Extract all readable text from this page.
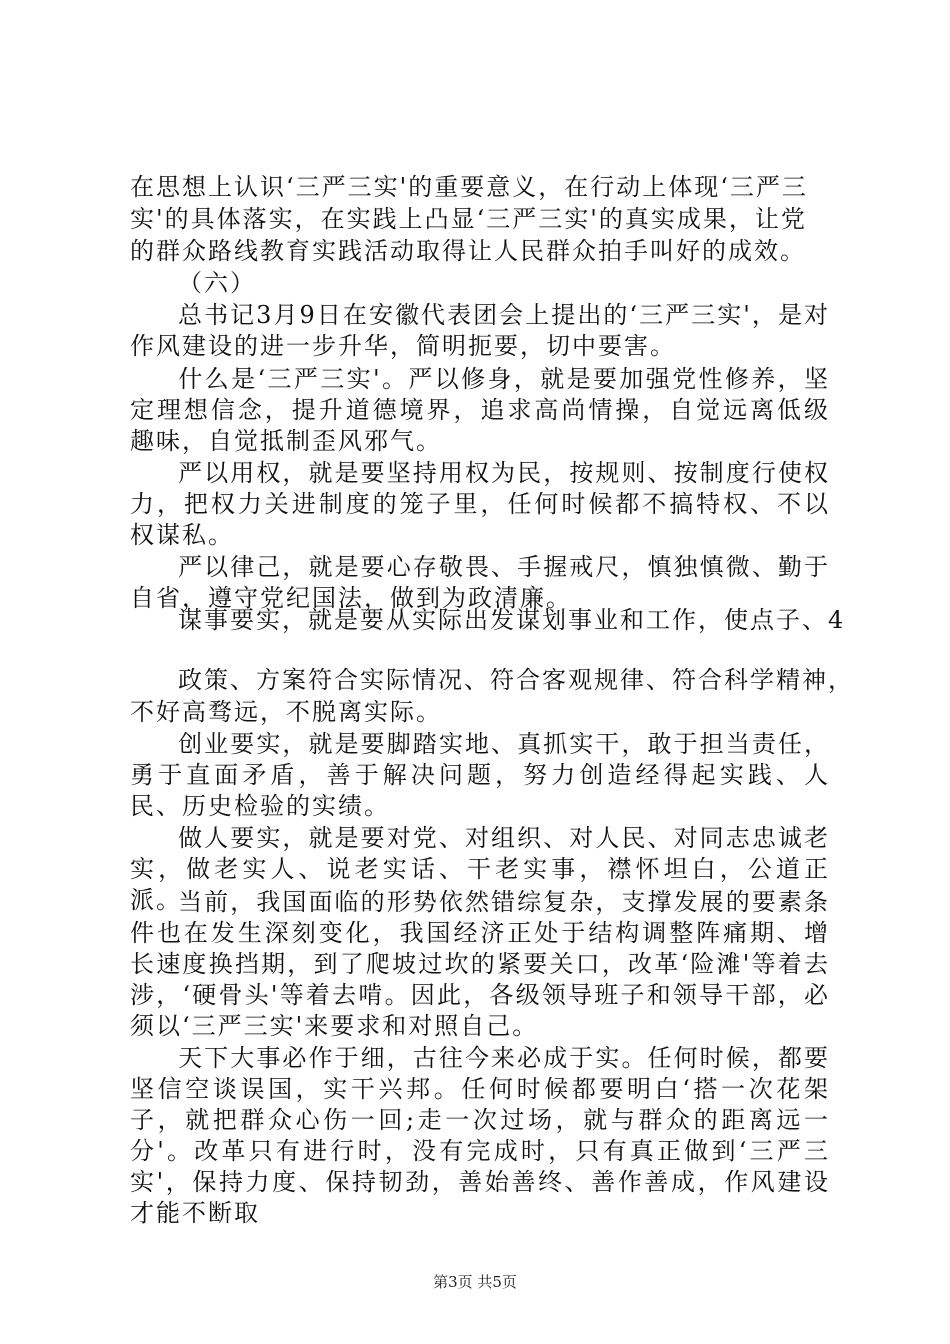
在思想上认识‘三严三实'的重要意义，在行动上体现‘三严三
实'的具体落实，在实践上凸显‘三严三实'的真实成果，让党
的群众路线教育实践活动取得让人民群众拍手叫好的成效。
（六）

总书记3月9日在安徽代表团会上提出的‘三严三实'，是对作风建设的进一步升华，简明扼要，切中要害。

什么是‘三严三实'。严以修身，就是要加强党性修养，坚定理想信念，提升道德境界，追求高尚情操，自觉远离低级趣味，自觉抵制歪风邪气。

严以用权，就是要坚持用权为民，按规则、按制度行使权力，把权力关进制度的笼子里，任何时候都不搞特权、不以权谋私。

严以律己，就是要心存敬畏、手握戒尺，慎独慎微、勤于自省，遵守党纪国法，做到为政清廉。

谋事要实，就是要从实际出发谋划事业和工作，使点子、4
政策、方案符合实际情况、符合客观规律、符合科学精神，
不好高骛远，不脱离实际。

创业要实，就是要脚踏实地、真抓实干，敢于担当责任，勇于直面矛盾，善于解决问题，努力创造经得起实践、人民、历史检验的实绩。

做人要实，就是要对党、对组织、对人民、对同志忠诚老实，做老实人、说老实话、干老实事，襟怀坦白，公道正派。

当前，我国面临的形势依然错综复杂，支撑发展的要素条件也在发生深刻变化，我国经济正处于结构调整阵痛期、增长速度换挡期，到了爬坡过坎的紧要关口，改革‘险滩'等着去涉，‘硬骨头'等着去啃。因此，各级领导班子和领导干部，必须以‘三严三实'来要求和对照自己。

天下大事必作于细，古往今来必成于实。任何时候，都要坚信空谈误国，实干兴邦。任何时候都要明白‘搭一次花架子，就把群众心伤一回;走一次过场，就与群众的距离远一分'。改革只有进行时，没有完成时，只有真正做到‘三严三实'，保持力度、保持韧劲，善始善终、善作善成，作风建设才能不断取

第3页 共5页
